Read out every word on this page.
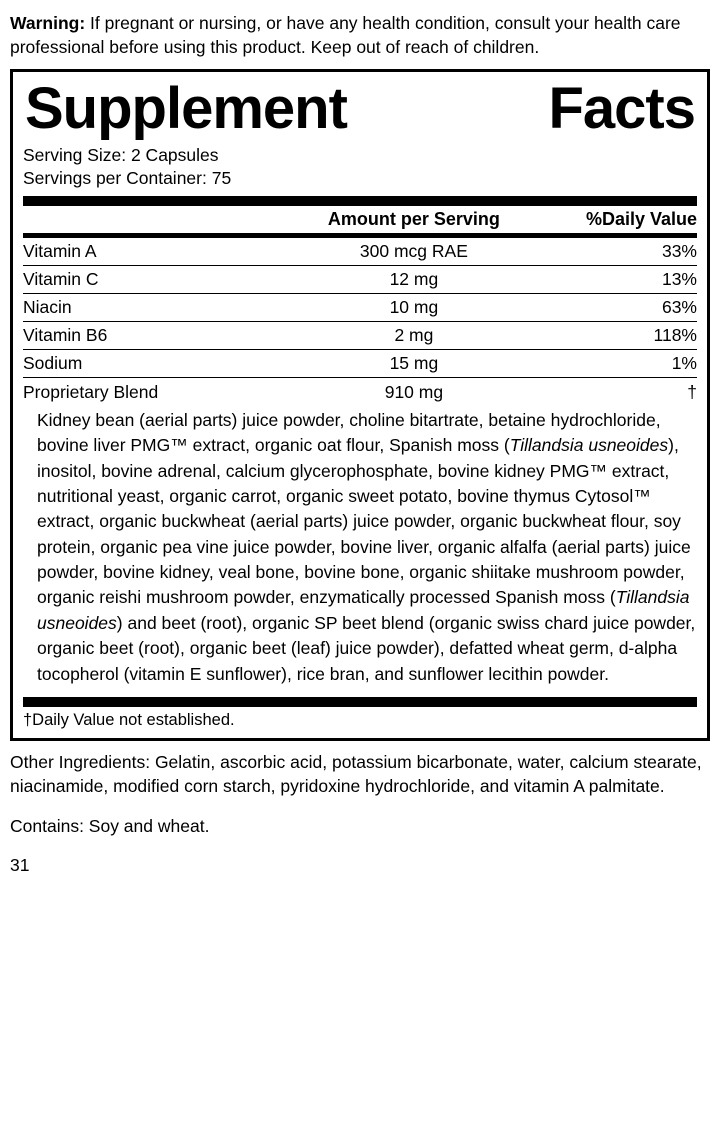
Warning: If pregnant or nursing, or have any health condition, consult your health care professional before using this product. Keep out of reach of children.

Supplement	Facts
Serving Size: 2 Capsules
Servings per Container: 75
	Amount per Serving	%Daily Value
Vitamin A	300 mcg RAE	33%
Vitamin C	12 mg	13%
Niacin	10 mg	63%
Vitamin B6	2 mg	118%
Sodium	15 mg	1%
Proprietary Blend	910 mg	†
Kidney bean (aerial parts) juice powder, choline bitartrate, betaine hydrochloride, bovine liver PMG™ extract, organic oat flour, Spanish moss (Tillandsia usneoides), inositol, bovine adrenal, calcium glycerophosphate, bovine kidney PMG™ extract, nutritional yeast, organic carrot, organic sweet potato, bovine thymus Cytosol™ extract, organic buckwheat (aerial parts) juice powder, organic buckwheat flour, soy protein, organic pea vine juice powder, bovine liver, organic alfalfa (aerial parts) juice powder, bovine kidney, veal bone, bovine bone, organic shiitake mushroom powder, organic reishi mushroom powder, enzymatically processed Spanish moss (Tillandsia usneoides) and beet (root), organic SP beet blend (organic swiss chard juice powder, organic beet (root), organic beet (leaf) juice powder), defatted wheat germ, d-alpha tocopherol (vitamin E sunflower), rice bran, and sunflower lecithin powder.
†Daily Value not established.

Other Ingredients: Gelatin, ascorbic acid, potassium bicarbonate, water, calcium stearate, niacinamide, modified corn starch, pyridoxine hydrochloride, and vitamin A palmitate.

Contains: Soy and wheat.

31
